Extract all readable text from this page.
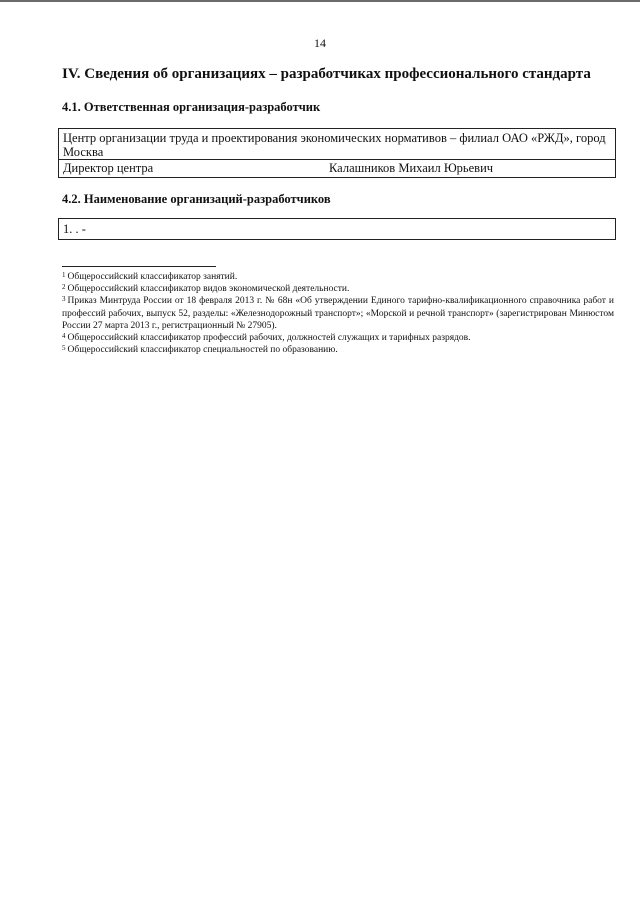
14
IV. Сведения об организациях – разработчиках профессионального стандарта
4.1. Ответственная организация-разработчик
Центр организации труда и проектирования экономических нормативов – филиал ОАО «РЖД», город Москва
Директор центра	Калашников Михаил Юрьевич
4.2. Наименование организаций-разработчиков
1. . -

$^1$ Общероссийский классификатор занятий.

$^2$ Общероссийский классификатор видов экономической деятельности.

$^3$ Приказ Минтруда России от 18 февраля 2013 г. № 68н «Об утверждении Единого тарифно-квалификационного справочника работ и профессий рабочих, выпуск 52, разделы: «Железнодорожный транспорт»; «Морской и речной транспорт» (зарегистрирован Минюстом России 27 марта 2013 г., регистрационный № 27905).

$^4$ Общероссийский классификатор профессий рабочих, должностей служащих и тарифных разрядов.

$^5$ Общероссийский классификатор специальностей по образованию.
